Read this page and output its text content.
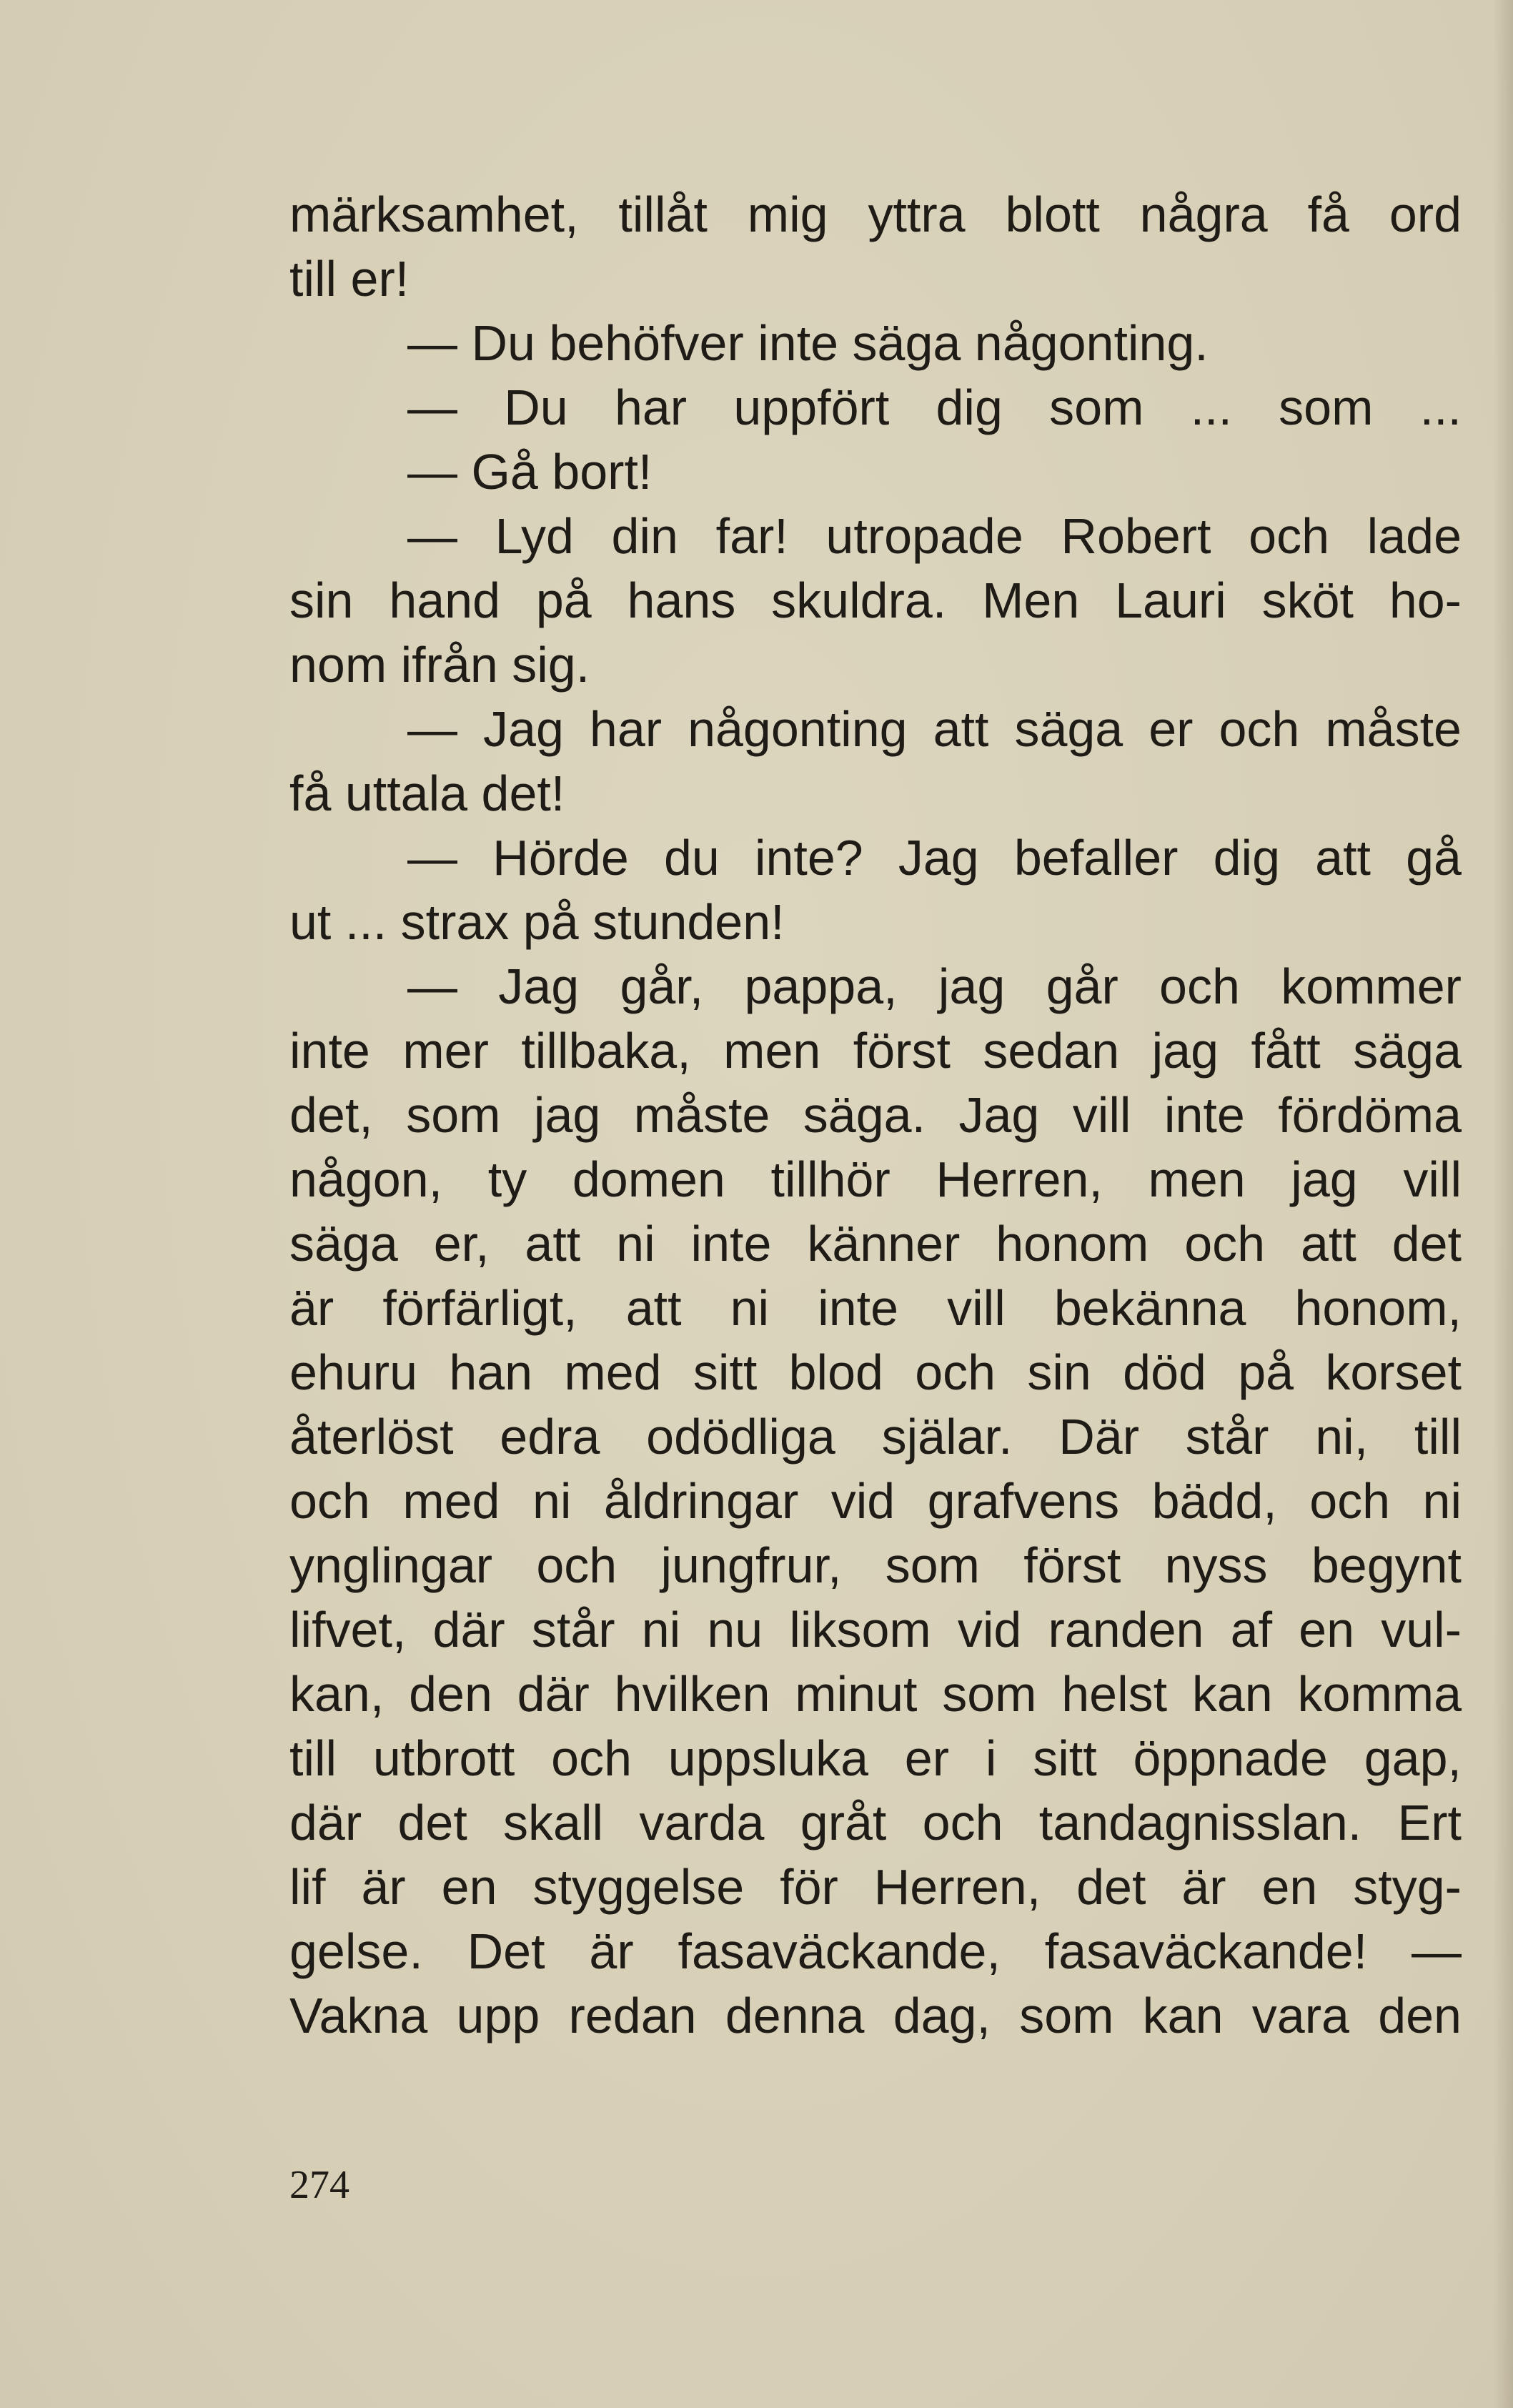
märksamhet, tillåt mig yttra blott några få ord
till er!
— Du behöfver inte säga någonting.
— Du har uppfört dig som ... som ...
— Gå bort!
— Lyd din far! utropade Robert och lade
sin hand på hans skuldra. Men Lauri sköt ho-
nom ifrån sig.
— Jag har någonting att säga er och måste
få uttala det!
— Hörde du inte? Jag befaller dig att gå
ut ... strax på stunden!
— Jag går, pappa, jag går och kommer
inte mer tillbaka, men först sedan jag fått säga
det, som jag måste säga. Jag vill inte fördöma
någon, ty domen tillhör Herren, men jag vill
säga er, att ni inte känner honom och att det
är förfärligt, att ni inte vill bekänna honom,
ehuru han med sitt blod och sin död på korset
återlöst edra odödliga själar. Där står ni, till
och med ni åldringar vid grafvens bädd, och ni
ynglingar och jungfrur, som först nyss begynt
lifvet, där står ni nu liksom vid randen af en vul-
kan, den där hvilken minut som helst kan komma
till utbrott och uppsluka er i sitt öppnade gap,
där det skall varda gråt och tandagnisslan. Ert
lif är en styggelse för Herren, det är en styg-
gelse. Det är fasaväckande, fasaväckande! —
Vakna upp redan denna dag, som kan vara den
274
